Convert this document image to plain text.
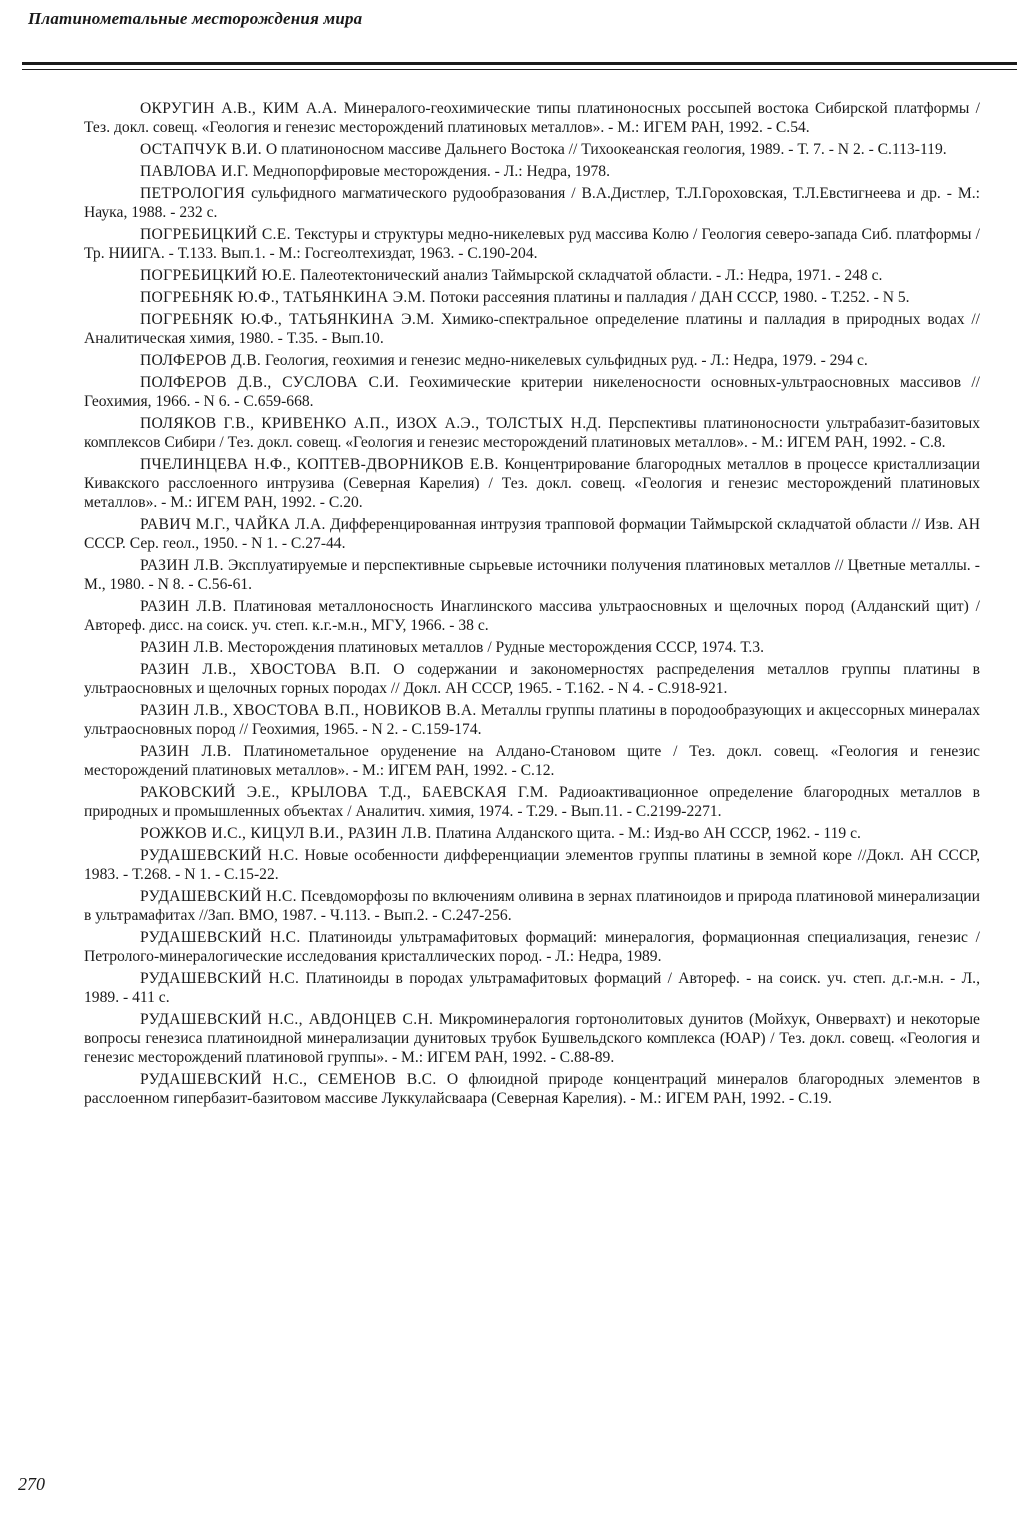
Платинометальные месторождения мира

ОКРУГИН А.В., КИМ А.А. Минералого-геохимические типы платиноносных россыпей востока Сибирской платформы / Тез. докл. совещ. «Геология и генезис месторождений платиновых металлов». - М.: ИГЕМ РАН, 1992. - С.54.

ОСТАПЧУК В.И. О платиноносном массиве Дальнего Востока // Тихоокеанская геология, 1989. - Т. 7. - N 2. - С.113-119.

ПАВЛОВА И.Г. Меднопорфировые месторождения. - Л.: Недра, 1978.

ПЕТРОЛОГИЯ сульфидного магматического рудообразования / В.А.Дистлер, Т.Л.Гороховская, Т.Л.Евстигнеева и др. - М.: Наука, 1988. - 232 с.

ПОГРЕБИЦКИЙ С.Е. Текстуры и структуры медно-никелевых руд массива Колю / Геология северо-запада Сиб. платформы / Тр. НИИГА. - Т.133. Вып.1. - М.: Госгеолтехиздат, 1963. - С.190-204.

ПОГРЕБИЦКИЙ Ю.Е. Палеотектонический анализ Таймырской складчатой области. - Л.: Недра, 1971. - 248 с.

ПОГРЕБНЯК Ю.Ф., ТАТЬЯНКИНА Э.М. Потоки рассеяния платины и палладия / ДАН СССР, 1980. - Т.252. - N 5.

ПОГРЕБНЯК Ю.Ф., ТАТЬЯНКИНА Э.М. Химико-спектральное определение платины и палладия в природных водах // Аналитическая химия, 1980. - Т.35. - Вып.10.

ПОЛФЕРОВ Д.В. Геология, геохимия и генезис медно-никелевых сульфидных руд. - Л.: Недра, 1979. - 294 с.

ПОЛФЕРОВ Д.В., СУСЛОВА С.И. Геохимические критерии никеленосности основных-ультраосновных массивов // Геохимия, 1966. - N 6. - С.659-668.

ПОЛЯКОВ Г.В., КРИВЕНКО А.П., ИЗОХ А.Э., ТОЛСТЫХ Н.Д. Перспективы платиноносности ультрабазит-базитовых комплексов Сибири / Тез. докл. совещ. «Геология и генезис месторождений платиновых металлов». - М.: ИГЕМ РАН, 1992. - С.8.

ПЧЕЛИНЦЕВА Н.Ф., КОПТЕВ-ДВОРНИКОВ Е.В. Концентрирование благородных металлов в процессе кристаллизации Кивакского расслоенного интрузива (Северная Карелия) / Тез. докл. совещ. «Геология и генезис месторождений платиновых металлов». - М.: ИГЕМ РАН, 1992. - С.20.

РАВИЧ М.Г., ЧАЙКА Л.А. Дифференцированная интрузия трапповой формации Таймырской складчатой области // Изв. АН СССР. Сер. геол., 1950. - N 1. - С.27-44.

РАЗИН Л.В. Эксплуатируемые и перспективные сырьевые источники получения платиновых металлов // Цветные металлы. - М., 1980. - N 8. - С.56-61.

РАЗИН Л.В. Платиновая металлоносность Инаглинского массива ультраосновных и щелочных пород (Алданский щит) / Автореф. дисс. на соиск. уч. степ. к.г.-м.н., МГУ, 1966. - 38 с.

РАЗИН Л.В. Месторождения платиновых металлов / Рудные месторождения СССР, 1974. Т.3.

РАЗИН Л.В., ХВОСТОВА В.П. О содержании и закономерностях распределения металлов группы платины в ультраосновных и щелочных горных породах // Докл. АН СССР, 1965. - Т.162. - N 4. - С.918-921.

РАЗИН Л.В., ХВОСТОВА В.П., НОВИКОВ В.А. Металлы группы платины в породообразующих и акцессорных минералах ультраосновных пород // Геохимия, 1965. - N 2. - С.159-174.

РАЗИН Л.В. Платинометальное оруденение на Алдано-Становом щите / Тез. докл. совещ. «Геология и генезис месторождений платиновых металлов». - М.: ИГЕМ РАН, 1992. - С.12.

РАКОВСКИЙ Э.Е., КРЫЛОВА Т.Д., БАЕВСКАЯ Г.М. Радиоактивационное определение благородных металлов в природных и промышленных объектах / Аналитич. химия, 1974. - Т.29. - Вып.11. - С.2199-2271.

РОЖКОВ И.С., КИЦУЛ В.И., РАЗИН Л.В. Платина Алданского щита. - М.: Изд-во АН СССР, 1962. - 119 с.

РУДАШЕВСКИЙ Н.С. Новые особенности дифференциации элементов группы платины в земной коре //Докл. АН СССР, 1983. - Т.268. - N 1. - С.15-22.

РУДАШЕВСКИЙ Н.С. Псевдоморфозы по включениям оливина в зернах платиноидов и природа платиновой минерализации в ультрамафитах //Зап. ВМО, 1987. - Ч.113. - Вып.2. - С.247-256.

РУДАШЕВСКИЙ Н.С. Платиноиды ультрамафитовых формаций: минералогия, формационная специализация, генезис / Петролого-минералогические исследования кристаллических пород. - Л.: Недра, 1989.

РУДАШЕВСКИЙ Н.С. Платиноиды в породах ультрамафитовых формаций / Автореф. - на соиск. уч. степ. д.г.-м.н. - Л., 1989. - 411 с.

РУДАШЕВСКИЙ Н.С., АВДОНЦЕВ С.Н. Микроминералогия гортонолитовых дунитов (Мойхук, Онвервахт) и некоторые вопросы генезиса платиноидной минерализации дунитовых трубок Бушвельдского комплекса (ЮАР) / Тез. докл. совещ. «Геология и генезис месторождений платиновой группы». - М.: ИГЕМ РАН, 1992. - С.88-89.

РУДАШЕВСКИЙ Н.С., СЕМЕНОВ В.С. О флюидной природе концентраций минералов благородных элементов в расслоенном гипербазит-базитовом массиве Луккулайсваара (Северная Карелия). - М.: ИГЕМ РАН, 1992. - С.19.

270
